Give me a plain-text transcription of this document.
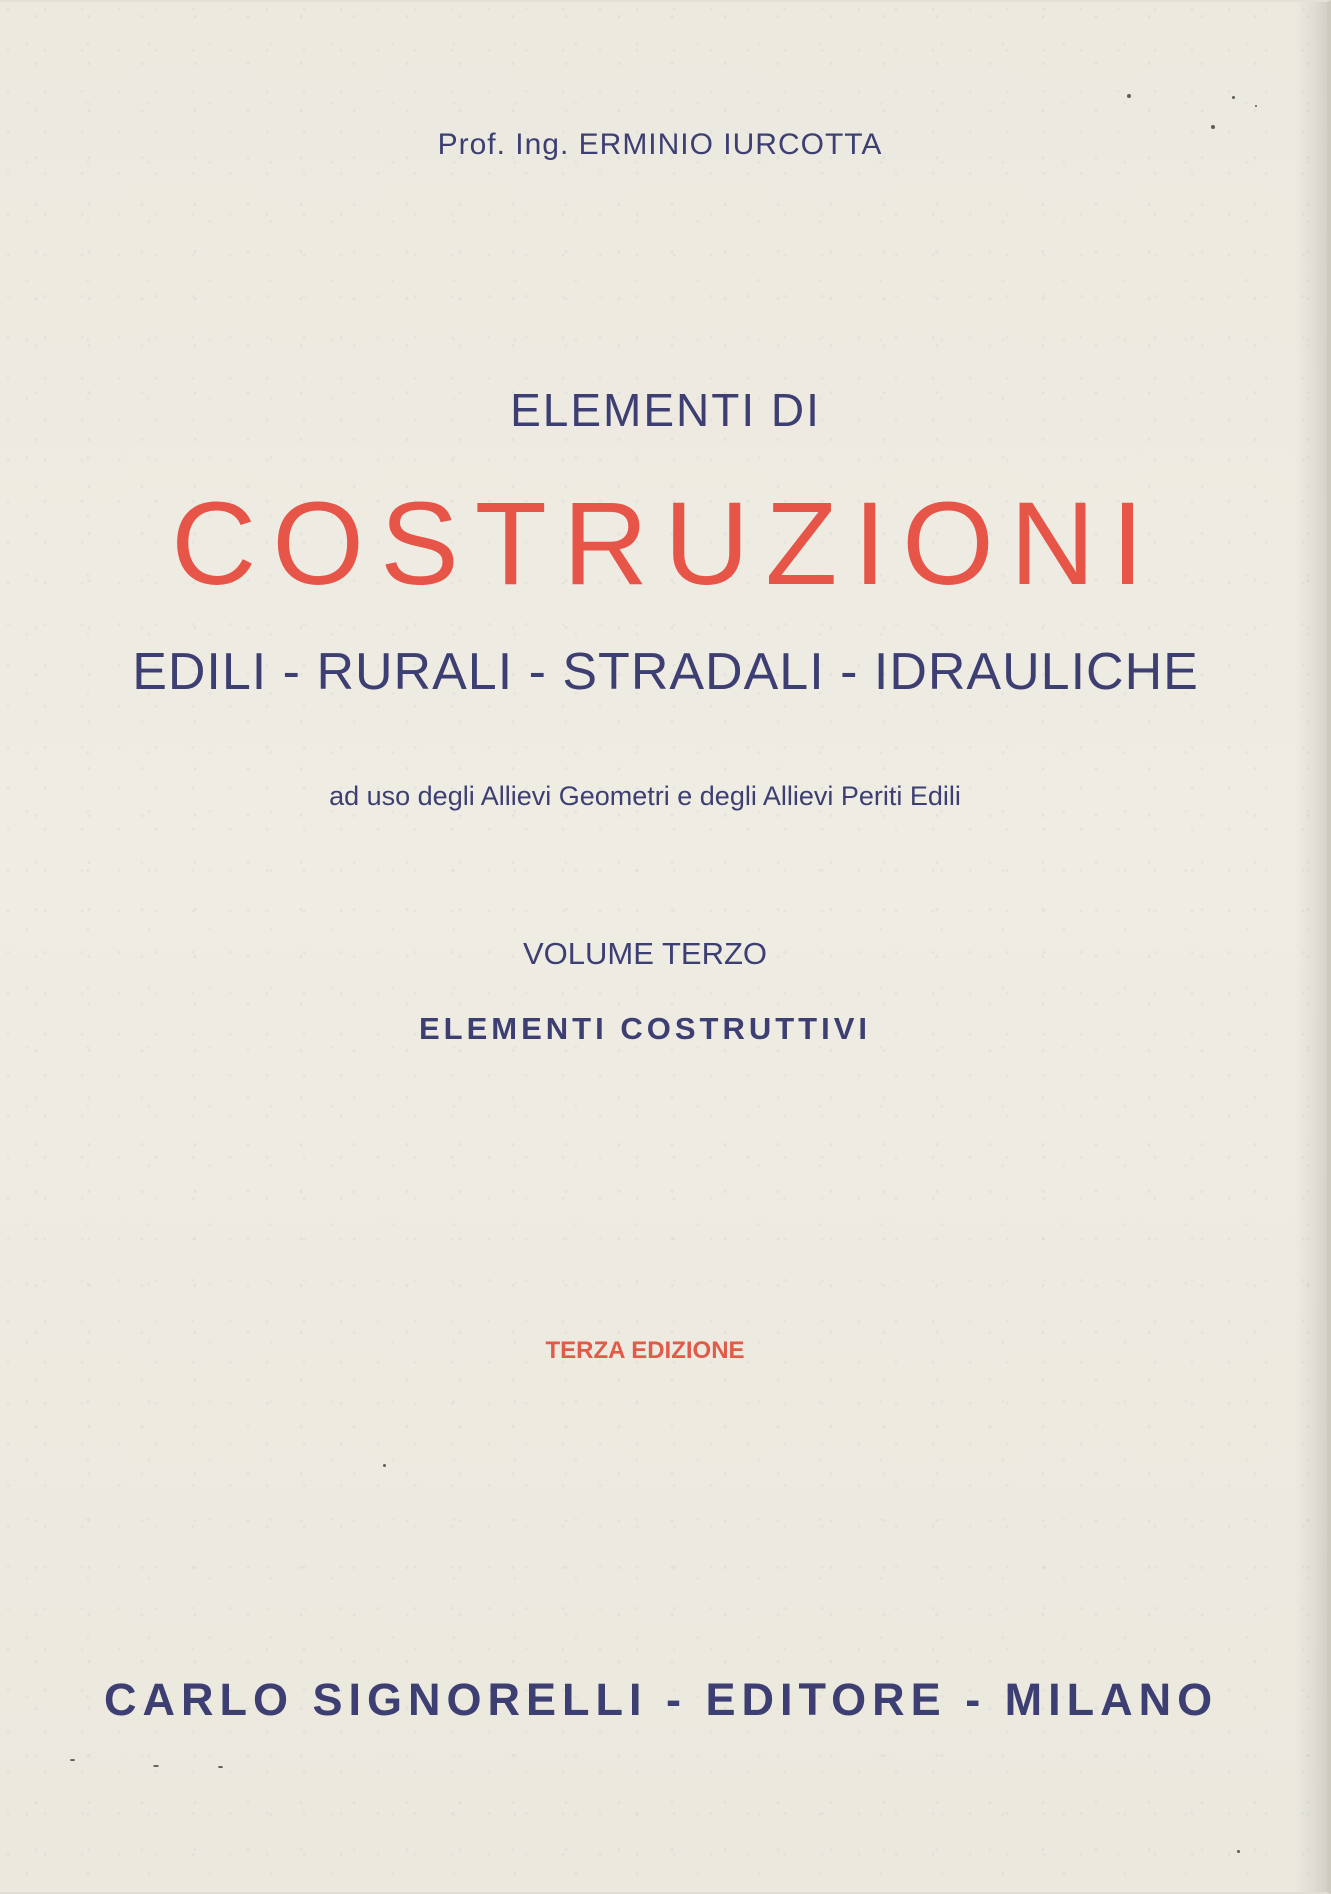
Prof. Ing. ERMINIO IURCOTTA
ELEMENTI DI
COSTRUZIONI
EDILI - RURALI - STRADALI - IDRAULICHE
ad uso degli Allievi Geometri e degli Allievi Periti Edili
VOLUME TERZO
ELEMENTI COSTRUTTIVI
TERZA EDIZIONE
CARLO SIGNORELLI - EDITORE - MILANO
